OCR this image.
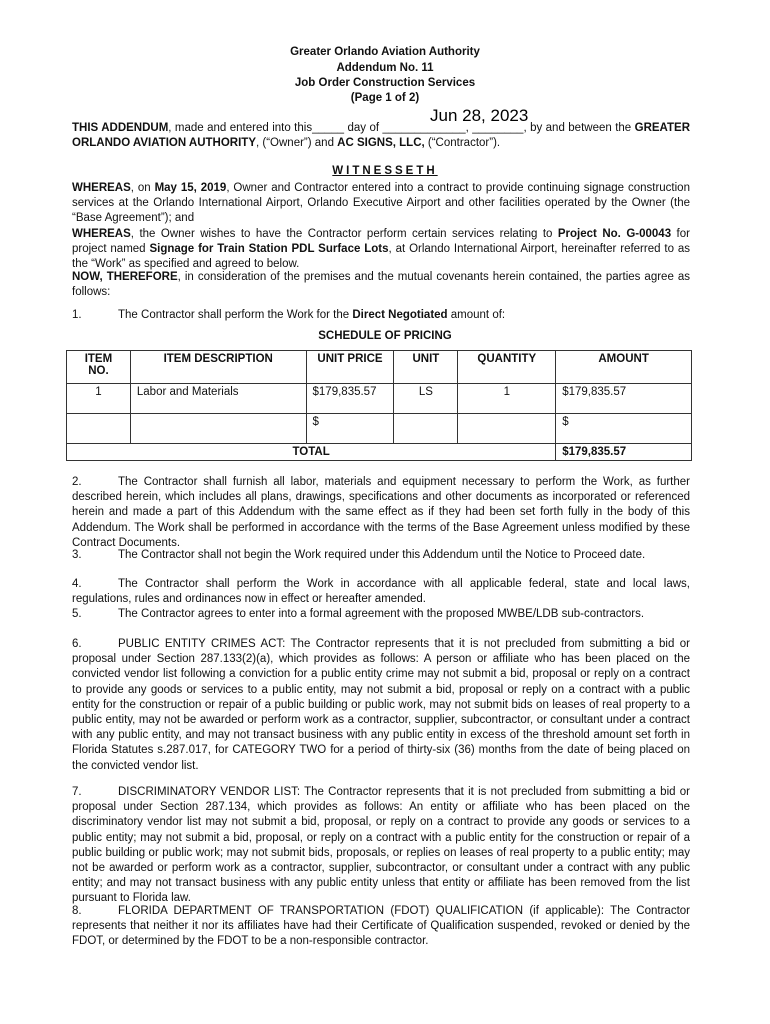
Greater Orlando Aviation Authority
Addendum No. 11
Job Order Construction Services
(Page 1 of 2)
Jun 28, 2023
THIS ADDENDUM, made and entered into this_____ day of _____________, ________, by and between the GREATER ORLANDO AVIATION AUTHORITY, (“Owner”) and AC SIGNS, LLC, (“Contractor”).
WITNESSETH
WHEREAS, on May 15, 2019, Owner and Contractor entered into a contract to provide continuing signage construction services at the Orlando International Airport, Orlando Executive Airport and other facilities operated by the Owner (the “Base Agreement”); and
WHEREAS, the Owner wishes to have the Contractor perform certain services relating to Project No. G-00043 for project named Signage for Train Station PDL Surface Lots, at Orlando International Airport, hereinafter referred to as the “Work” as specified and agreed to below.
NOW, THEREFORE, in consideration of the premises and the mutual covenants herein contained, the parties agree as follows:
1.	The Contractor shall perform the Work for the Direct Negotiated amount of:
SCHEDULE OF PRICING
ITEM NO.	ITEM DESCRIPTION	UNIT PRICE	UNIT	QUANTITY	AMOUNT
1	Labor and Materials	$179,835.57	LS	1	$179,835.57
		$			$
TOTAL					$179,835.57
2.	The Contractor shall furnish all labor, materials and equipment necessary to perform the Work, as further described herein, which includes all plans, drawings, specifications and other documents as incorporated or referenced herein and made a part of this Addendum with the same effect as if they had been set forth fully in the body of this Addendum. The Work shall be performed in accordance with the terms of the Base Agreement unless modified by these Contract Documents.
3.	The Contractor shall not begin the Work required under this Addendum until the Notice to Proceed date.
4.	The Contractor shall perform the Work in accordance with all applicable federal, state and local laws, regulations, rules and ordinances now in effect or hereafter amended.
5.	The Contractor agrees to enter into a formal agreement with the proposed MWBE/LDB sub-contractors.
6.	PUBLIC ENTITY CRIMES ACT: The Contractor represents that it is not precluded from submitting a bid or proposal under Section 287.133(2)(a), which provides as follows: A person or affiliate who has been placed on the convicted vendor list following a conviction for a public entity crime may not submit a bid, proposal or reply on a contract to provide any goods or services to a public entity, may not submit a bid, proposal or reply on a contract with a public entity for the construction or repair of a public building or public work, may not submit bids on leases of real property to a public entity, may not be awarded or perform work as a contractor, supplier, subcontractor, or consultant under a contract with any public entity, and may not transact business with any public entity in excess of the threshold amount set forth in Florida Statutes s.287.017, for CATEGORY TWO for a period of thirty-six (36) months from the date of being placed on the convicted vendor list.
7.	DISCRIMINATORY VENDOR LIST: The Contractor represents that it is not precluded from submitting a bid or proposal under Section 287.134, which provides as follows: An entity or affiliate who has been placed on the discriminatory vendor list may not submit a bid, proposal, or reply on a contract to provide any goods or services to a public entity; may not submit a bid, proposal, or reply on a contract with a public entity for the construction or repair of a public building or public work; may not submit bids, proposals, or replies on leases of real property to a public entity; may not be awarded or perform work as a contractor, supplier, subcontractor, or consultant under a contract with any public entity; and may not transact business with any public entity unless that entity or affiliate has been removed from the list pursuant to Florida law.
8.	FLORIDA DEPARTMENT OF TRANSPORTATION (FDOT) QUALIFICATION (if applicable): The Contractor represents that neither it nor its affiliates have had their Certificate of Qualification suspended, revoked or denied by the FDOT, or determined by the FDOT to be a non-responsible contractor.
